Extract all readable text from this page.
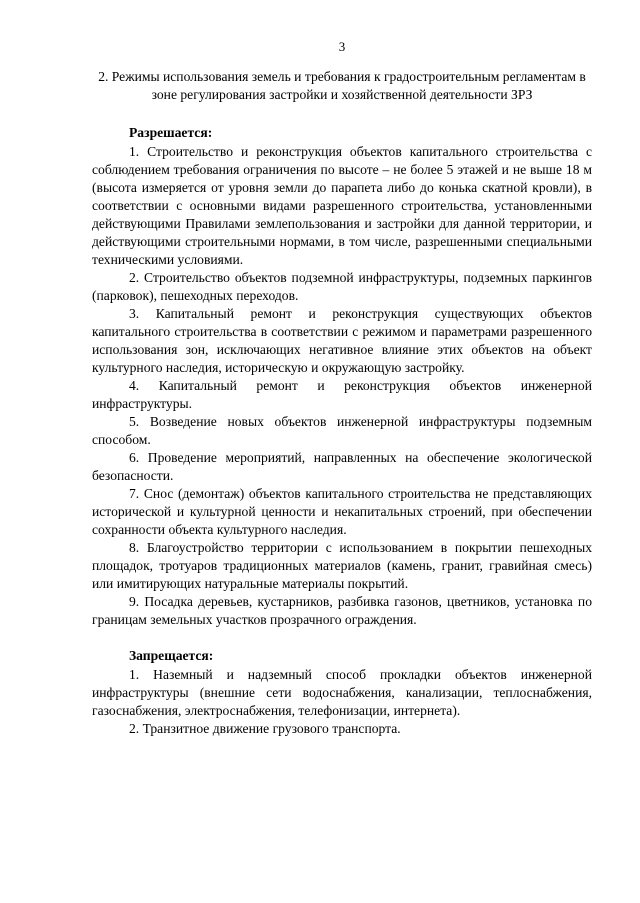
3
2. Режимы использования земель и требования к градостроительным регламентам в зоне регулирования застройки и хозяйственной деятельности ЗРЗ
Разрешается:

1. Строительство и реконструкция объектов капитального строительства с соблюдением требования ограничения по высоте – не более 5 этажей и не выше 18 м (высота измеряется от уровня земли до парапета либо до конька скатной кровли), в соответствии с основными видами разрешенного строительства, установленными действующими Правилами землепользования и застройки для данной территории, и действующими строительными нормами, в том числе, разрешенными специальными техническими условиями.

2. Строительство объектов подземной инфраструктуры, подземных паркингов (парковок), пешеходных переходов.

3. Капитальный ремонт и реконструкция существующих объектов капитального строительства в соответствии с режимом и параметрами разрешенного использования зон, исключающих негативное влияние этих объектов на объект культурного наследия, историческую и окружающую застройку.

4. Капитальный ремонт и реконструкция объектов инженерной инфраструктуры.

5. Возведение новых объектов инженерной инфраструктуры подземным способом.

6. Проведение мероприятий, направленных на обеспечение экологической безопасности.

7. Снос (демонтаж) объектов капитального строительства не представляющих исторической и культурной ценности и некапитальных строений, при обеспечении сохранности объекта культурного наследия.

8. Благоустройство территории с использованием в покрытии пешеходных площадок, тротуаров традиционных материалов (камень, гранит, гравийная смесь) или имитирующих натуральные материалы покрытий.

9. Посадка деревьев, кустарников, разбивка газонов, цветников, установка по границам земельных участков прозрачного ограждения.

Запрещается:

1. Наземный и надземный способ прокладки объектов инженерной инфраструктуры (внешние сети водоснабжения, канализации, теплоснабжения, газоснабжения, электроснабжения, телефонизации, интернета).

2. Транзитное движение грузового транспорта.
